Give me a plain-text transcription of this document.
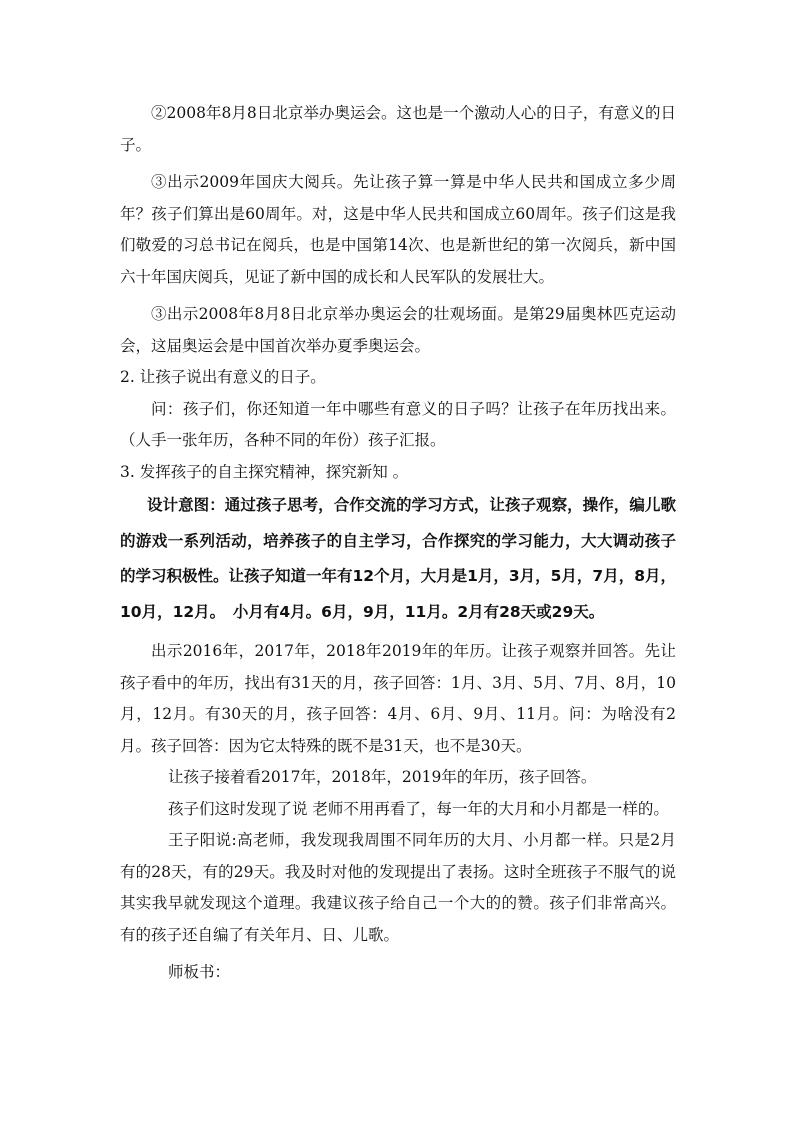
②2008年8月8日北京举办奥运会。这也是一个激动人心的日子，有意义的日子。

③出示2009年国庆大阅兵。先让孩子算一算是中华人民共和国成立多少周年？孩子们算出是60周年。对，这是中华人民共和国成立60周年。孩子们这是我们敬爱的习总书记在阅兵，也是中国第14次、也是新世纪的第一次阅兵，新中国六十年国庆阅兵，见证了新中国的成长和人民军队的发展壮大。

③出示2008年8月8日北京举办奥运会的壮观场面。是第29届奥林匹克运动会，这届奥运会是中国首次举办夏季奥运会。

2. 让孩子说出有意义的日子。

问：孩子们，你还知道一年中哪些有意义的日子吗？让孩子在年历找出来。（人手一张年历，各种不同的年份）孩子汇报。

3. 发挥孩子的自主探究精神，探究新知 。

设计意图：通过孩子思考，合作交流的学习方式，让孩子观察，操作，编儿歌的游戏一系列活动，培养孩子的自主学习，合作探究的学习能力，大大调动孩子的学习积极性。让孩子知道一年有12个月，大月是1月，3月，5月，7月，8月，10月，12月。　小月有4月。6月，9月，11月。2月有28天或29天。

出示2016年，2017年，2018年2019年的年历。让孩子观察并回答。先让孩子看中的年历，找出有31天的月，孩子回答：1月、3月、5月、7月、8月，10月，12月。有30天的月，孩子回答：4月、6月、9月、11月。问：为啥没有2月。孩子回答：因为它太特殊的既不是31天，也不是30天。

让孩子接着看2017年，2018年，2019年的年历，孩子回答。

孩子们这时发现了说 老师不用再看了，每一年的大月和小月都是一样的。

王子阳说:高老师，我发现我周围不同年历的大月、小月都一样。只是2月有的28天，有的29天。我及时对他的发现提出了表扬。这时全班孩子不服气的说 其实我早就发现这个道理。我建议孩子给自己一个大的的赞。孩子们非常高兴。有的孩子还自编了有关年月、日、儿歌。

师板书：
